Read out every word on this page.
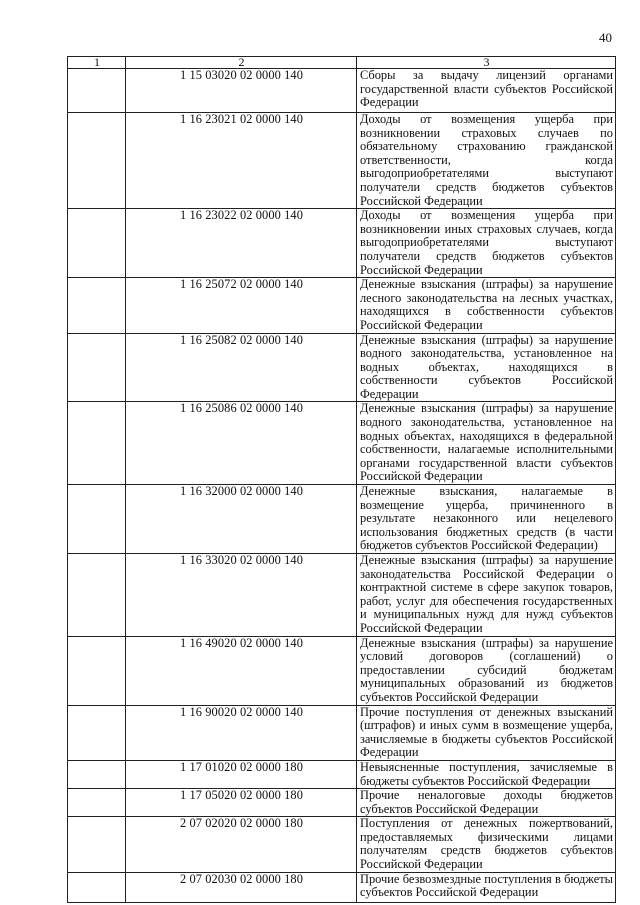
40
1	2	3
	1 15 03020 02 0000 140	Сборы за выдачу лицензий органами государственной власти субъектов Российской Федерации
	1 16 23021 02 0000 140	Доходы от возмещения ущерба при возникновении страховых случаев по обязательному страхованию гражданской ответственности, когда выгодоприобретателями выступают получатели средств бюджетов субъектов Российской Федерации
	1 16 23022 02 0000 140	Доходы от возмещения ущерба при возникновении иных страховых случаев, когда выгодоприобретателями выступают получатели средств бюджетов субъектов Российской Федерации
	1 16 25072 02 0000 140	Денежные взыскания (штрафы) за нарушение лесного законодательства на лесных участках, находящихся в собственности субъектов Российской Федерации
	1 16 25082 02 0000 140	Денежные взыскания (штрафы) за нарушение водного законодательства, установленное на водных объектах, находящихся в собственности субъектов Российской Федерации
	1 16 25086 02 0000 140	Денежные взыскания (штрафы) за нарушение водного законодательства, установленное на водных объектах, находящихся в федеральной собственности, налагаемые исполнительными органами государственной власти субъектов Российской Федерации
	1 16 32000 02 0000 140	Денежные взыскания, налагаемые в возмещение ущерба, причиненного в результате незаконного или нецелевого использования бюджетных средств (в части бюджетов субъектов Российской Федерации)
	1 16 33020 02 0000 140	Денежные взыскания (штрафы) за нарушение законодательства Российской Федерации о контрактной системе в сфере закупок товаров, работ, услуг для обеспечения государственных и муниципальных нужд для нужд субъектов Российской Федерации
	1 16 49020 02 0000 140	Денежные взыскания (штрафы) за нарушение условий договоров (соглашений) о предоставлении субсидий бюджетам муниципальных образований из бюджетов субъектов Российской Федерации
	1 16 90020 02 0000 140	Прочие поступления от денежных взысканий (штрафов) и иных сумм в возмещение ущерба, зачисляемые в бюджеты субъектов Российской Федерации
	1 17 01020 02 0000 180	Невыясненные поступления, зачисляемые в бюджеты субъектов Российской Федерации
	1 17 05020 02 0000 180	Прочие неналоговые доходы бюджетов субъектов Российской Федерации
	2 07 02020 02 0000 180	Поступления от денежных пожертвований, предоставляемых физическими лицами получателям средств бюджетов субъектов Российской Федерации
	2 07 02030 02 0000 180	Прочие безвозмездные поступления в бюджеты субъектов Российской Федерации
